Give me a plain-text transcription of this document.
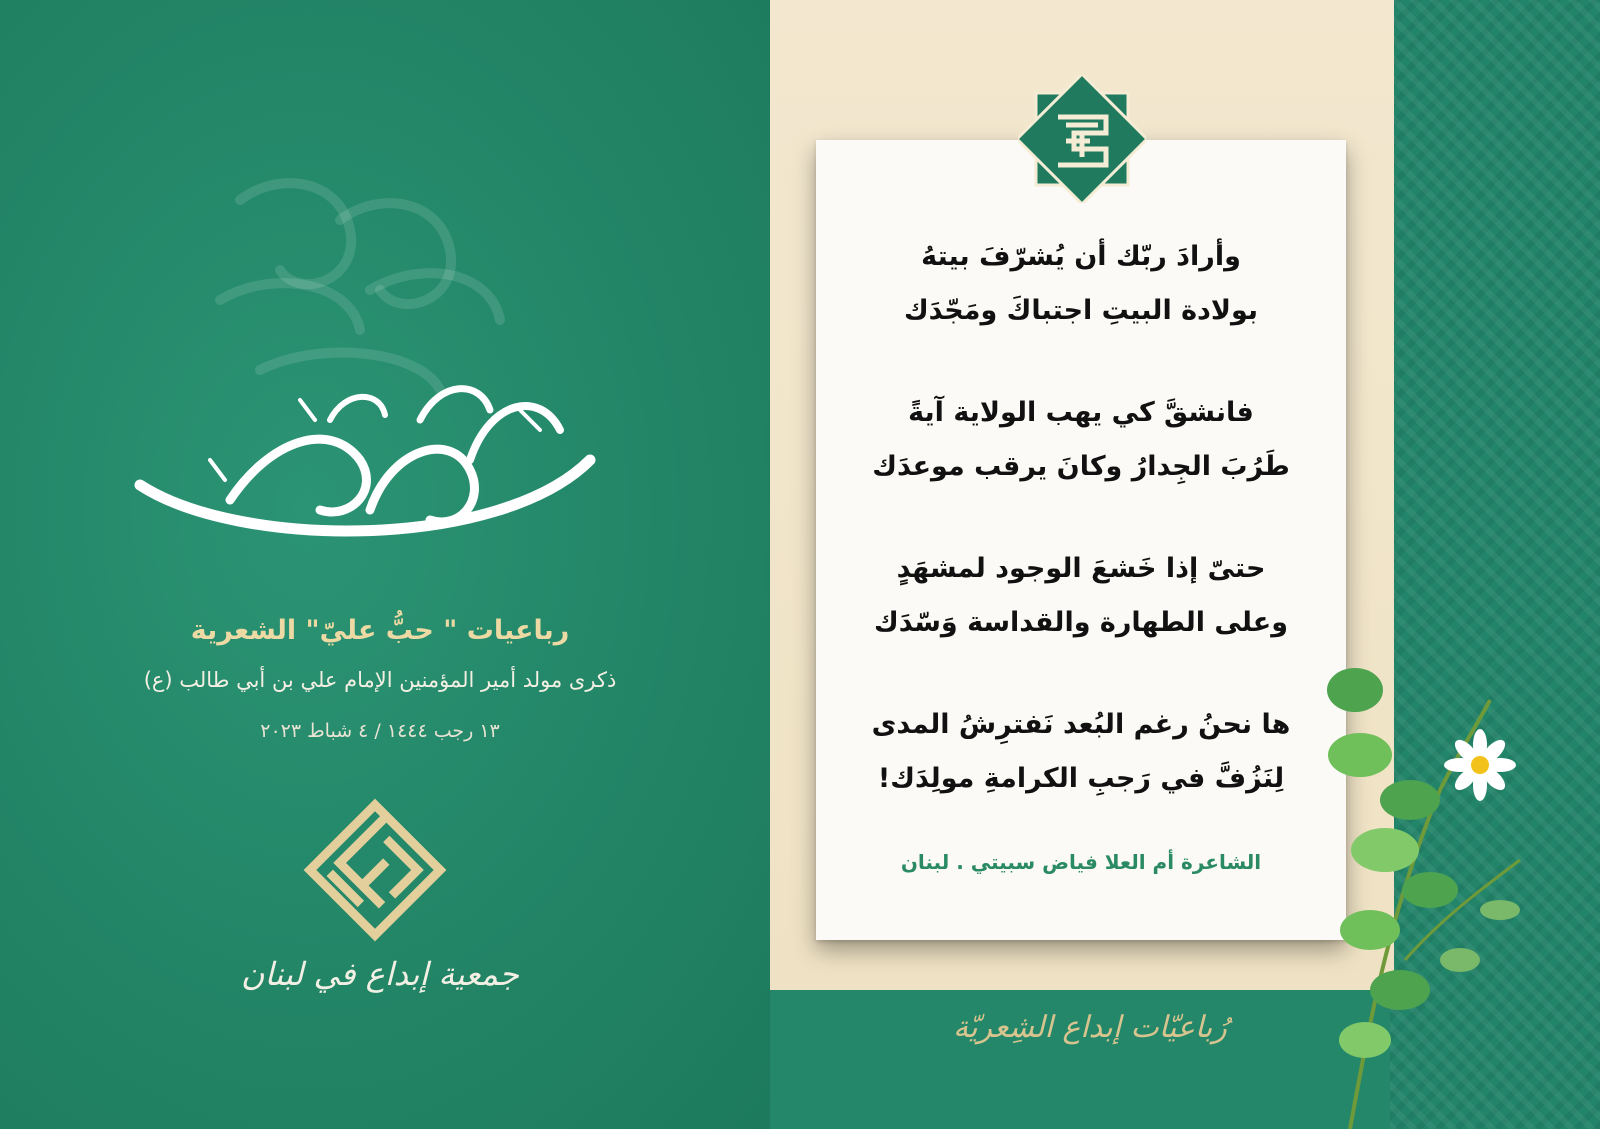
وأرادَ ربّك أن يُشرّفَ بيتهُ
بولادة البيتِ اجتباكَ ومَجّدَك
فانشقَّ كي يهب الولاية آيةً
طَرُبَ الجِدارُ وكانَ يرقب موعدَك
حتىّ إذا خَشعَ الوجود لمشهَدٍ
وعلى الطهارة والقداسة وَسّدَك
ها نحنُ رغم البُعد نَفترِشُ المدى
لِنَزُفَّ في رَجبِ الكرامةِ مولِدَك!
الشاعرة أم العلا فياض سبيتي . لبنان
رُباعيّات إبداع الشِعريّة
حب علي
رباعيات " حبُّ عليّ" الشعرية
ذكرى مولد أمير المؤمنين الإمام علي بن أبي طالب (ع)
١٣ رجب ١٤٤٤ / ٤ شباط ٢٠٢٣
جمعية إبداع في لبنان
